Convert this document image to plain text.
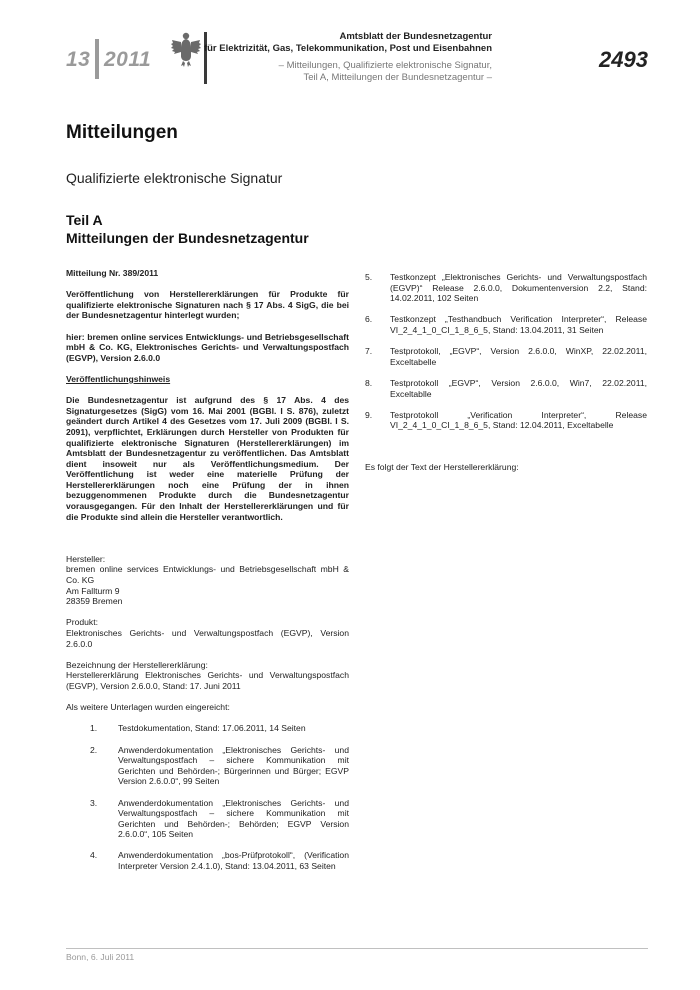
13 2011
Amtsblatt der Bundesnetzagentur
für Elektrizität, Gas, Telekommunikation, Post und Eisenbahnen
– Mitteilungen, Qualifizierte elektronische Signatur,
Teil A, Mitteilungen der Bundesnetzagentur –
2493
Mitteilungen
Qualifizierte elektronische Signatur
Teil A
Mitteilungen der Bundesnetzagentur

Mitteilung Nr. 389/2011

Veröffentlichung von Herstellererklärungen für Produkte für qualifizierte elektronische Signaturen nach § 17 Abs. 4 SigG, die bei der Bundesnetzagentur hinterlegt wurden;

hier: bremen online services Entwicklungs- und Betriebsgesellschaft mbH & Co. KG, Elektronisches Gerichts- und Verwaltungspostfach (EGVP), Version 2.6.0.0

Veröffentlichungshinweis

Die Bundesnetzagentur ist aufgrund des § 17 Abs. 4 des Signaturgesetzes (SigG) vom 16. Mai 2001 (BGBl. I S. 876), zuletzt geändert durch Artikel 4 des Gesetzes vom 17. Juli 2009 (BGBl. I S. 2091), verpflichtet, Erklärungen durch Hersteller von Produkten für qualifizierte elektronische Signaturen (Herstellererklärungen) im Amtsblatt der Bundesnetzagentur zu veröffentlichen. Das Amtsblatt dient insoweit nur als Veröffentlichungsmedium. Der Veröffentlichung ist weder eine materielle Prüfung der Herstellererklärungen noch eine Prüfung der in ihnen bezuggenommenen Produkte durch die Bundesnetzagentur vorausgegangen. Für den Inhalt der Herstellererklärungen und für die Produkte sind allein die Hersteller verantwortlich.

Hersteller:
bremen online services Entwicklungs- und Betriebsgesellschaft mbH & Co. KG
Am Fallturm 9
28359 Bremen
Produkt:
Elektronisches Gerichts- und Verwaltungspostfach (EGVP), Version 2.6.0.0
Bezeichnung der Herstellererklärung:
Herstellererklärung Elektronisches Gerichts- und Verwaltungspostfach (EGVP), Version 2.6.0.0, Stand: 17. Juni 2011

Als weitere Unterlagen wurden eingereicht:

1. Testdokumentation, Stand: 17.06.2011, 14 Seiten
2. Anwenderdokumentation „Elektronisches Gerichts- und Verwaltungspostfach – sichere Kommunikation mit Gerichten und Behörden-; Bürgerinnen und Bürger; EGVP Version 2.6.0.0“, 99 Seiten
3. Anwenderdokumentation „Elektronisches Gerichts- und Verwaltungspostfach – sichere Kommunikation mit Gerichten und Behörden-; Behörden; EGVP Version 2.6.0.0“, 105 Seiten
4. Anwenderdokumentation „bos-Prüfprotokoll“, (Verification Interpreter Version 2.4.1.0), Stand: 13.04.2011, 63 Seiten
5. Testkonzept „Elektronisches Gerichts- und Verwaltungspostfach (EGVP)“ Release 2.6.0.0, Dokumentenversion 2.2, Stand: 14.02.2011, 102 Seiten
6. Testkonzept „Testhandbuch Verification Interpreter“, Release VI_2_4_1_0_CI_1_8_6_5, Stand: 13.04.2011, 31 Seiten
7. Testprotokoll, „EGVP“, Version 2.6.0.0, WinXP, 22.02.2011, Exceltabelle
8. Testprotokoll „EGVP“, Version 2.6.0.0, Win7, 22.02.2011, Exceltablle
9. Testprotokoll „Verification Interpreter“, Release VI_2_4_1_0_CI_1_8_6_5, Stand: 12.04.2011, Exceltabelle

Es folgt der Text der Herstellererklärung:

Bonn, 6. Juli 2011
